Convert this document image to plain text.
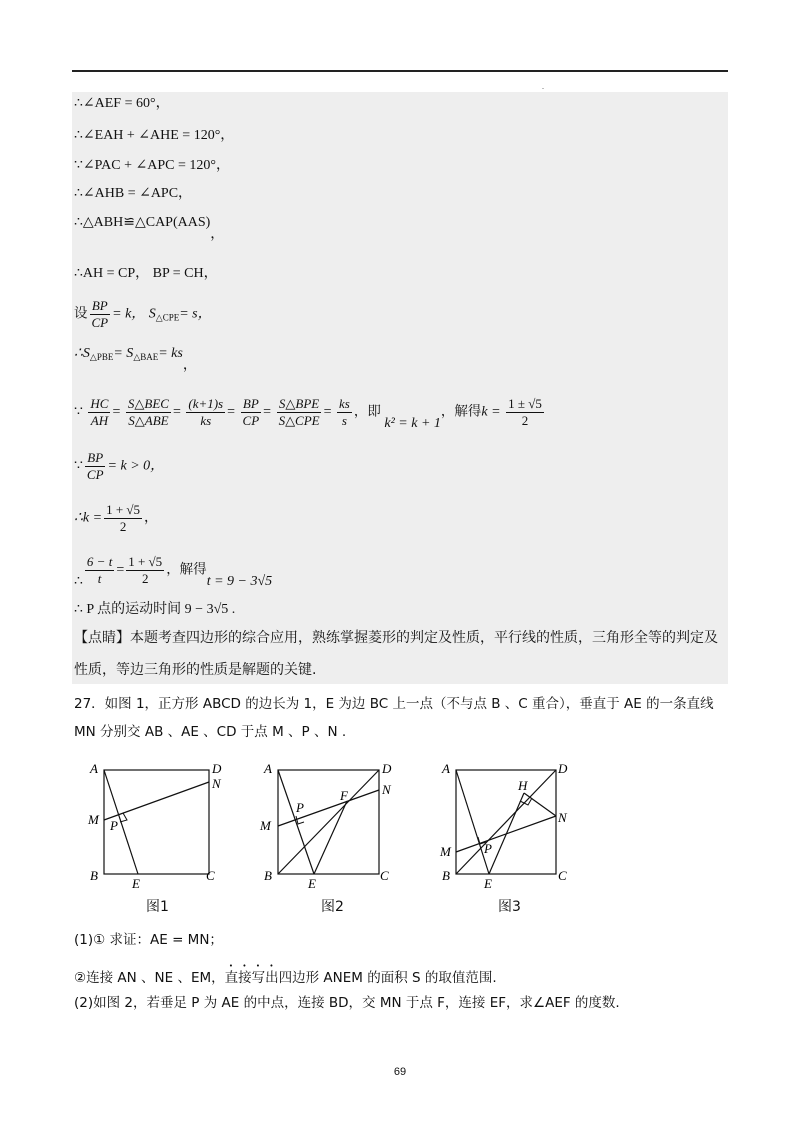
.
∴∠AEF = 60°，
∴∠EAH + ∠AHE = 120°，
∵∠PAC + ∠APC = 120°，
∴∠AHB = ∠APC，
∴△ABH≌△CAP(AAS)，
∴AH = CP， BP = CH，
设 $\frac{BP}{CP} = k$， $S_{\triangle CPE}= s$，
$\therefore S_{\triangle PBE}= S_{\triangle BAE}=$ ks，
∵ $\frac{HC}{AH} = \frac{\text{S△BEC}}{\text{S△ABE}} = \frac{(k+1)s}{ks} = \frac{BP}{CP} = \frac{\text{S△BPE}}{\text{S△CPE}} = \frac{ks}{s}$ ，即 k² = k + 1，解得$k = \frac{1 \pm √5}{2}$
∵ $\frac{BP}{CP} = k > 0$，
∴k = $\frac{1 + √5}{2}$ ，
∴ $\frac{6 - t}{t} = \frac{1 + √5}{2}$ ，解得t = 9 − 3√5
∴ P 点的运动时间 9 − 3√5 .
【点睛】本题考查四边形的综合应用，熟练掌握菱形的判定及性质，平行线的性质，三角形全等的判定及
性质，等边三角形的性质是解题的关键.
27．如图 1，正方形 ABCD 的边长为 1，E 为边 BC 上一点（不与点 B 、C 重合），垂直于 AE 的一条直线
MN 分别交 AB 、AE 、CD 于点 M 、P 、N .
A	D
N
M P
B
E
C
A	D
N
M
P
F
B
E
C
A	D
H
N
M	P
B
E
C
图1	图2	图3
(1)① 求证：AE = MN；
②连接 AN 、NE 、EM，直接写出四边形 ANEM 的面积 S 的取值范围.
(2)如图 2，若垂足 P 为 AE 的中点，连接 BD，交 MN 于点 F，连接 EF，求∠AEF 的度数.
69
